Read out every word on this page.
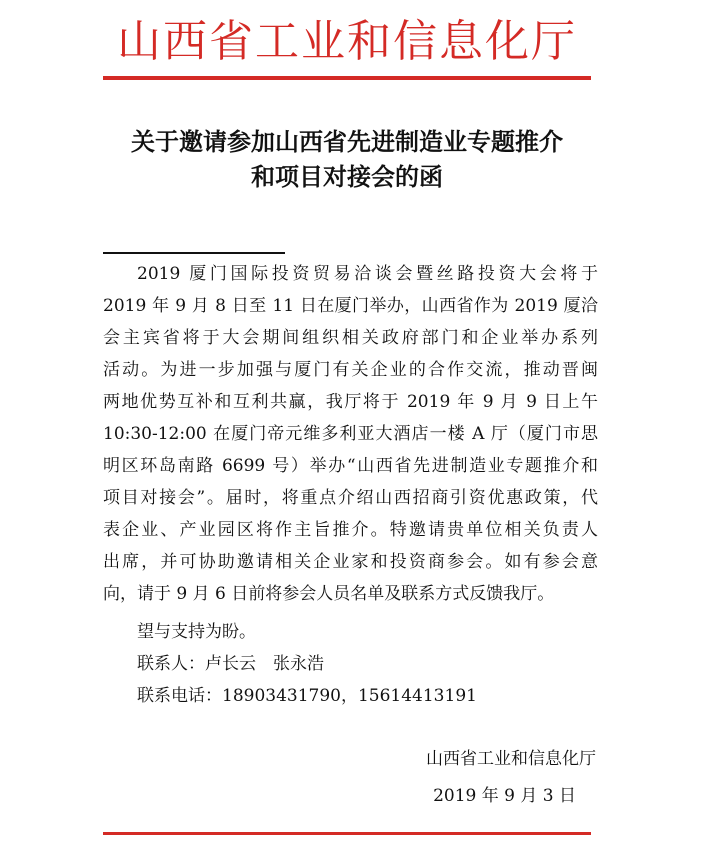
山西省工业和信息化厅
关于邀请参加山西省先进制造业专题推介
和项目对接会的函
2019 厦门国际投资贸易洽谈会暨丝路投资大会将于
2019 年 9 月 8 日至 11 日在厦门举办，山西省作为 2019 厦洽
会主宾省将于大会期间组织相关政府部门和企业举办系列
活动。为进一步加强与厦门有关企业的合作交流，推动晋闽
两地优势互补和互利共赢，我厅将于 2019 年 9 月 9 日上午
10:30-12:00 在厦门帝元维多利亚大酒店一楼 A 厅（厦门市思
明区环岛南路 6699 号）举办“山西省先进制造业专题推介和
项目对接会”。届时，将重点介绍山西招商引资优惠政策，代
表企业、产业园区将作主旨推介。特邀请贵单位相关负责人
出席，并可协助邀请相关企业家和投资商参会。如有参会意
向，请于 9 月 6 日前将参会人员名单及联系方式反馈我厅。
望与支持为盼。
联系人：卢长云　张永浩
联系电话：18903431790，15614413191
山西省工业和信息化厅
2019 年 9 月 3 日
